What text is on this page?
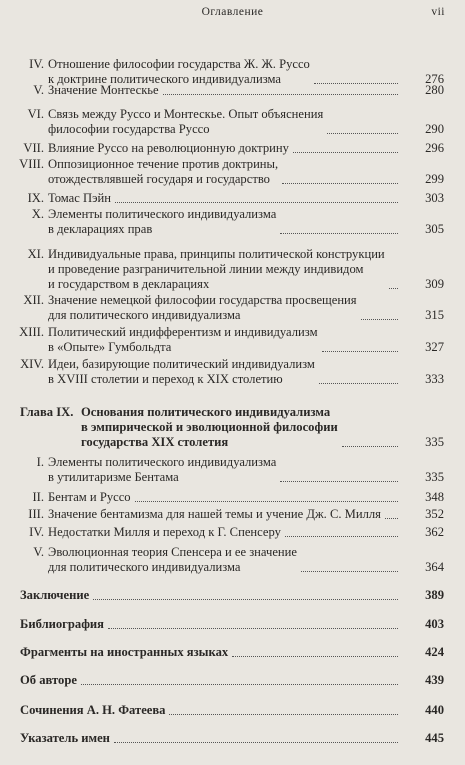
Оглавление	vii
IV. Отношение философии государства Ж. Ж. Руссо
к доктрине политического индивидуализма	276
V. Значение Монтескье	280
VI. Связь между Руссо и Монтескье. Опыт объяснения
философии государства Руссо	290
VII. Влияние Руссо на революционную доктрину	296
VIII. Оппозиционное течение против доктрины,
отождествлявшей государя и государство	299
IX. Томас Пэйн	303
X. Элементы политического индивидуализма
в декларациях прав	305
XI. Индивидуальные права, принципы политической конструкции
и проведение разграничительной линии между индивидом
и государством в декларациях	309
XII. Значение немецкой философии государства просвещения
для политического индивидуализма	315
XIII. Политический индифферентизм и индивидуализм
в «Опыте» Гумбольдта	327
XIV. Идеи, базирующие политический индивидуализм
в XVIII столетии и переход к XIX столетию	333
Глава IX. Основания политического индивидуализма
в эмпирической и эволюционной философии
государства XIX столетия	335
I. Элементы политического индивидуализма
в утилитаризме Бентама	335
II. Бентам и Руссо	348
III. Значение бентамизма для нашей темы и учение Дж. С. Милля	352
IV. Недостатки Милля и переход к Г. Спенсеру	362
V. Эволюционная теория Спенсера и ее значение
для политического индивидуализма	364
Заключение	389
Библиография	403
Фрагменты на иностранных языках	424
Об авторе	439
Сочинения А. Н. Фатеева	440
Указатель имен	445
